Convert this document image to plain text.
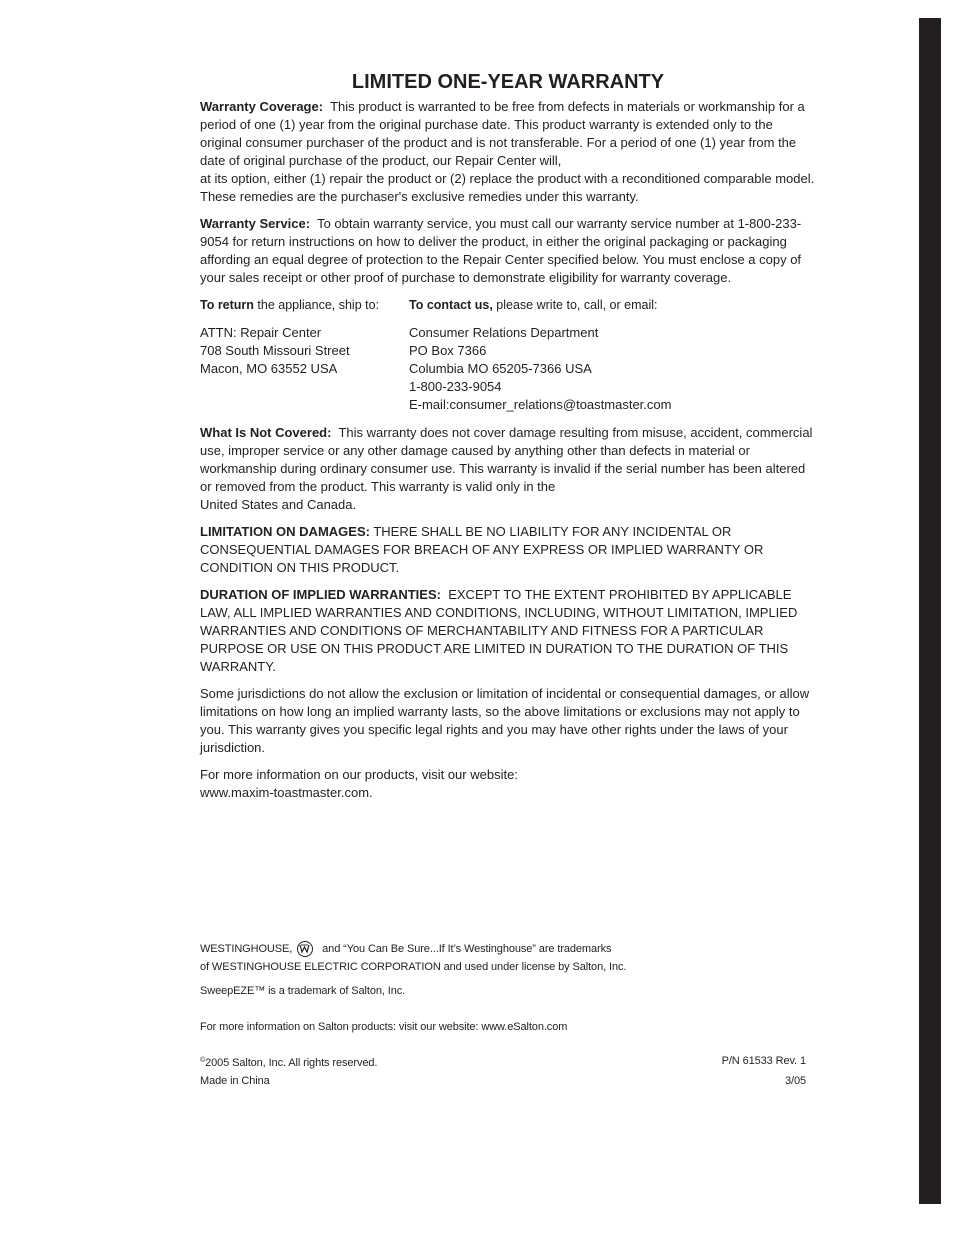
LIMITED ONE-YEAR WARRANTY

Warranty Coverage: This product is warranted to be free from defects in materials or workmanship for a period of one (1) year from the original purchase date. This product warranty is extended only to the original consumer purchaser of the product and is not transferable. For a period of one (1) year from the date of original purchase of the product, our Repair Center will,
at its option, either (1) repair the product or (2) replace the product with a reconditioned comparable model. These remedies are the purchaser's exclusive remedies under this warranty.

Warranty Service: To obtain warranty service, you must call our warranty service number at 1-800-233-9054 for return instructions on how to deliver the product, in either the original packaging or packaging affording an equal degree of protection to the Repair Center specified below. You must enclose a copy of your sales receipt or other proof of purchase to demonstrate eligibility for warranty coverage.

To return the appliance, ship to:
ATTN: Repair Center
708 South Missouri Street
Macon, MO 63552 USA
To contact us, please write to, call, or email:
Consumer Relations Department
PO Box 7366
Columbia MO 65205-7366 USA
1-800-233-9054
E-mail:consumer_relations@toastmaster.com

What Is Not Covered: This warranty does not cover damage resulting from misuse, accident, commercial use, improper service or any other damage caused by anything other than defects in material or workmanship during ordinary consumer use. This warranty is invalid if the serial number has been altered or removed from the product. This warranty is valid only in the
United States and Canada.

LIMITATION ON DAMAGES: THERE SHALL BE NO LIABILITY FOR ANY INCIDENTAL OR CONSEQUENTIAL DAMAGES FOR BREACH OF ANY EXPRESS OR IMPLIED WARRANTY OR CONDITION ON THIS PRODUCT.

DURATION OF IMPLIED WARRANTIES: EXCEPT TO THE EXTENT PROHIBITED BY APPLICABLE LAW, ALL IMPLIED WARRANTIES AND CONDITIONS, INCLUDING, WITHOUT LIMITATION, IMPLIED WARRANTIES AND CONDITIONS OF MERCHANTABILITY AND FITNESS FOR A PARTICULAR PURPOSE OR USE ON THIS PRODUCT ARE LIMITED IN DURATION TO THE DURATION OF THIS WARRANTY.

Some jurisdictions do not allow the exclusion or limitation of incidental or consequential damages, or allow limitations on how long an implied warranty lasts, so the above limitations or exclusions may not apply to you. This warranty gives you specific legal rights and you may have other rights under the laws of your jurisdiction.

For more information on our products, visit our website:
www.maxim-toastmaster.com.

WESTINGHOUSE,	and “You Can Be Sure...If It’s Westinghouse” are trademarks
of WESTINGHOUSE ELECTRIC CORPORATION and used under license by Salton, Inc.
SweepEZE™ is a trademark of Salton, Inc.
For more information on Salton products: visit our website: www.eSalton.com
©2005 Salton, Inc. All rights reserved.	P/N 61533 Rev. 1
Made in China	3/05
